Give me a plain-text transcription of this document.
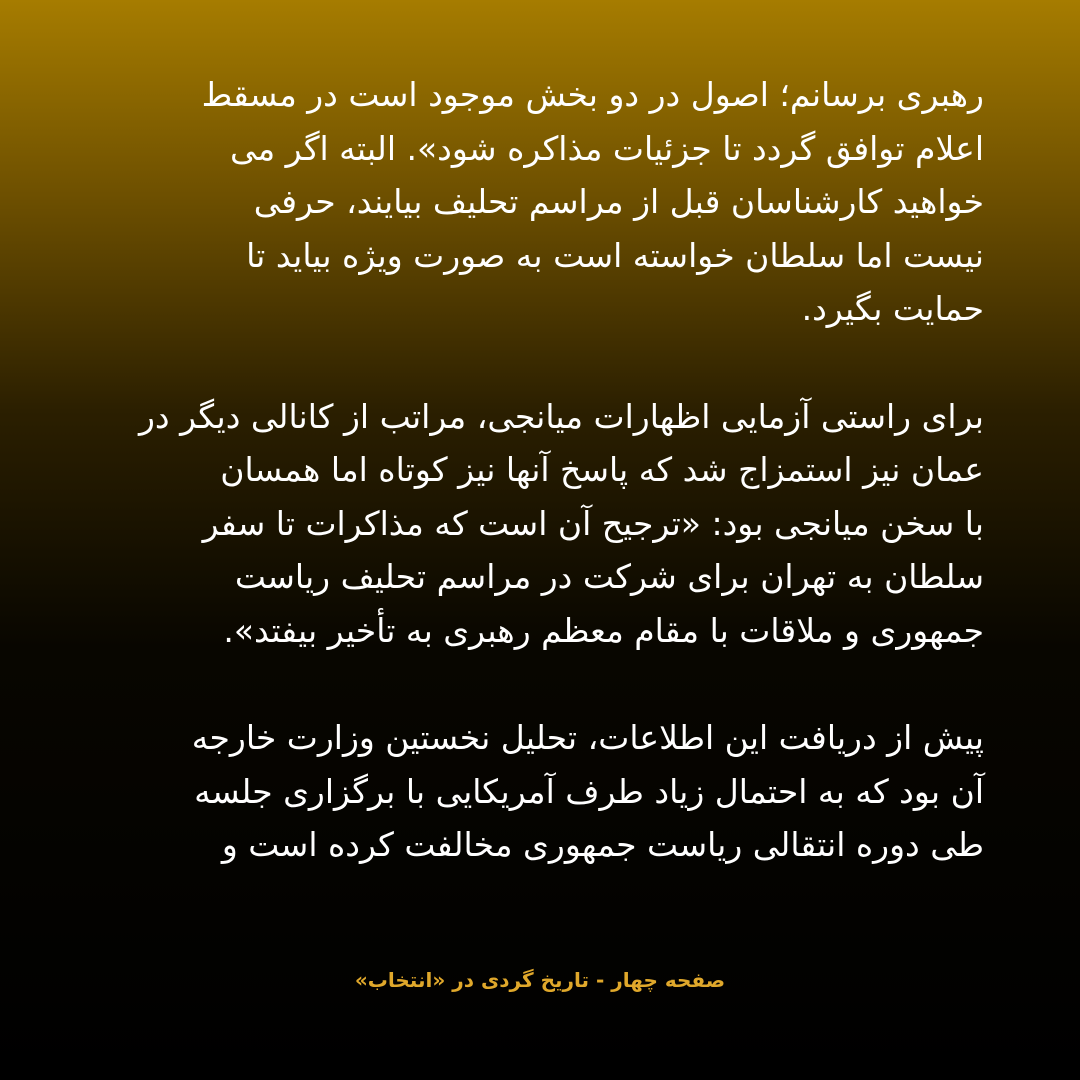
رهبری برسانم؛ اصول در دو بخش موجود است در مسقط
اعلام توافق گردد تا جزئیات مذاکره شود». البته اگر می
خواهید کارشناسان قبل از مراسم تحلیف بیایند، حرفی
نیست اما سلطان خواسته است به صورت ویژه بیاید تا
حمایت بگیرد.

برای راستی آزمایی اظهارات میانجی، مراتب از کانالی دیگر در
عمان نیز استمزاج شد که پاسخ آنها نیز کوتاه اما همسان
با سخن میانجی بود: «ترجیح آن است که مذاکرات تا سفر
سلطان به تهران برای شرکت در مراسم تحلیف ریاست
جمهوری و ملاقات با مقام معظم رهبری به تأخیر بیفتد».

پیش از دریافت این اطلاعات، تحلیل نخستین وزارت خارجه
آن بود که به احتمال زیاد طرف آمریکایی با برگزاری جلسه
طی دوره انتقالی ریاست جمهوری مخالفت کرده است و

صفحه چهار - تاریخ گردی در «انتخاب»
